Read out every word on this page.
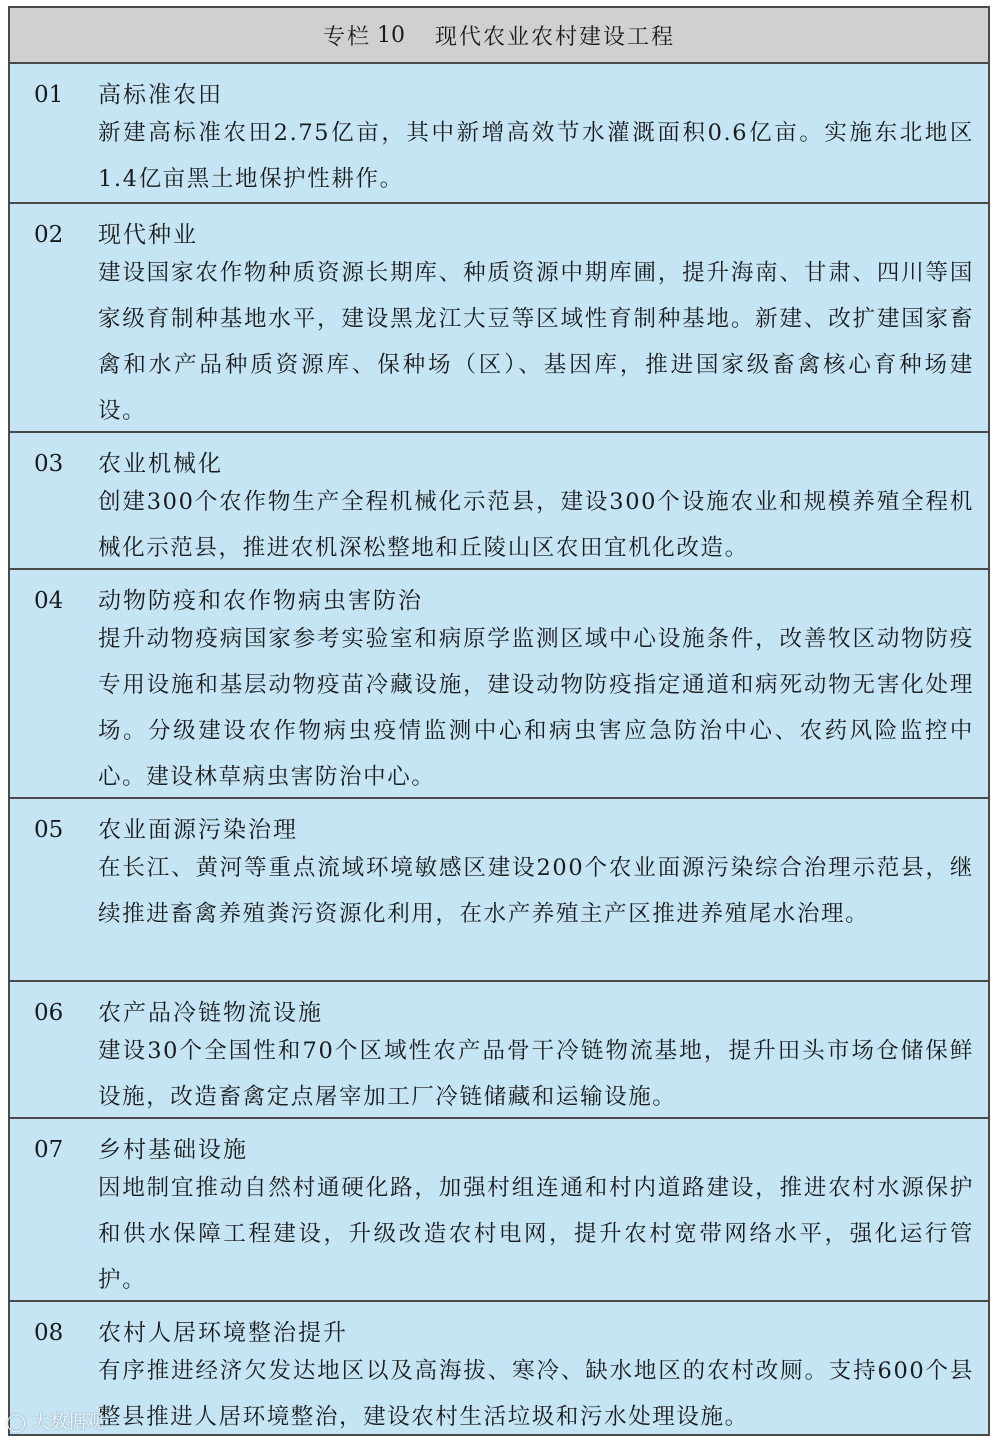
专栏 10 现代农业农村建设工程
01	高标准农田
新建高标准农田2.75亿亩，其中新增高效节水灌溉面积0.6亿亩。实施东北地区1.4亿亩黑土地保护性耕作。
02	现代种业
建设国家农作物种质资源长期库、种质资源中期库圃，提升海南、甘肃、四川等国家级育制种基地水平，建设黑龙江大豆等区域性育制种基地。新建、改扩建国家畜禽和水产品种质资源库、保种场（区）、基因库，推进国家级畜禽核心育种场建设。
03	农业机械化
创建300个农作物生产全程机械化示范县，建设300个设施农业和规模养殖全程机械化示范县，推进农机深松整地和丘陵山区农田宜机化改造。
04	动物防疫和农作物病虫害防治
提升动物疫病国家参考实验室和病原学监测区域中心设施条件，改善牧区动物防疫专用设施和基层动物疫苗冷藏设施，建设动物防疫指定通道和病死动物无害化处理场。分级建设农作物病虫疫情监测中心和病虫害应急防治中心、农药风险监控中心。建设林草病虫害防治中心。
05	农业面源污染治理
在长江、黄河等重点流域环境敏感区建设200个农业面源污染综合治理示范县，继续推进畜禽养殖粪污资源化利用，在水产养殖主产区推进养殖尾水治理。
06	农产品冷链物流设施
建设30个全国性和70个区域性农产品骨干冷链物流基地，提升田头市场仓储保鲜设施，改造畜禽定点屠宰加工厂冷链储藏和运输设施。
07	乡村基础设施
因地制宜推动自然村通硬化路，加强村组连通和村内道路建设，推进农村水源保护和供水保障工程建设，升级改造农村电网，提升农村宽带网络水平，强化运行管护。
08	农村人居环境整治提升
有序推进经济欠发达地区以及高海拔、寒冷、缺水地区的农村改厕。支持600个县整县推进人居环境整治，建设农村生活垃圾和污水处理设施。
◯ 大数据观
